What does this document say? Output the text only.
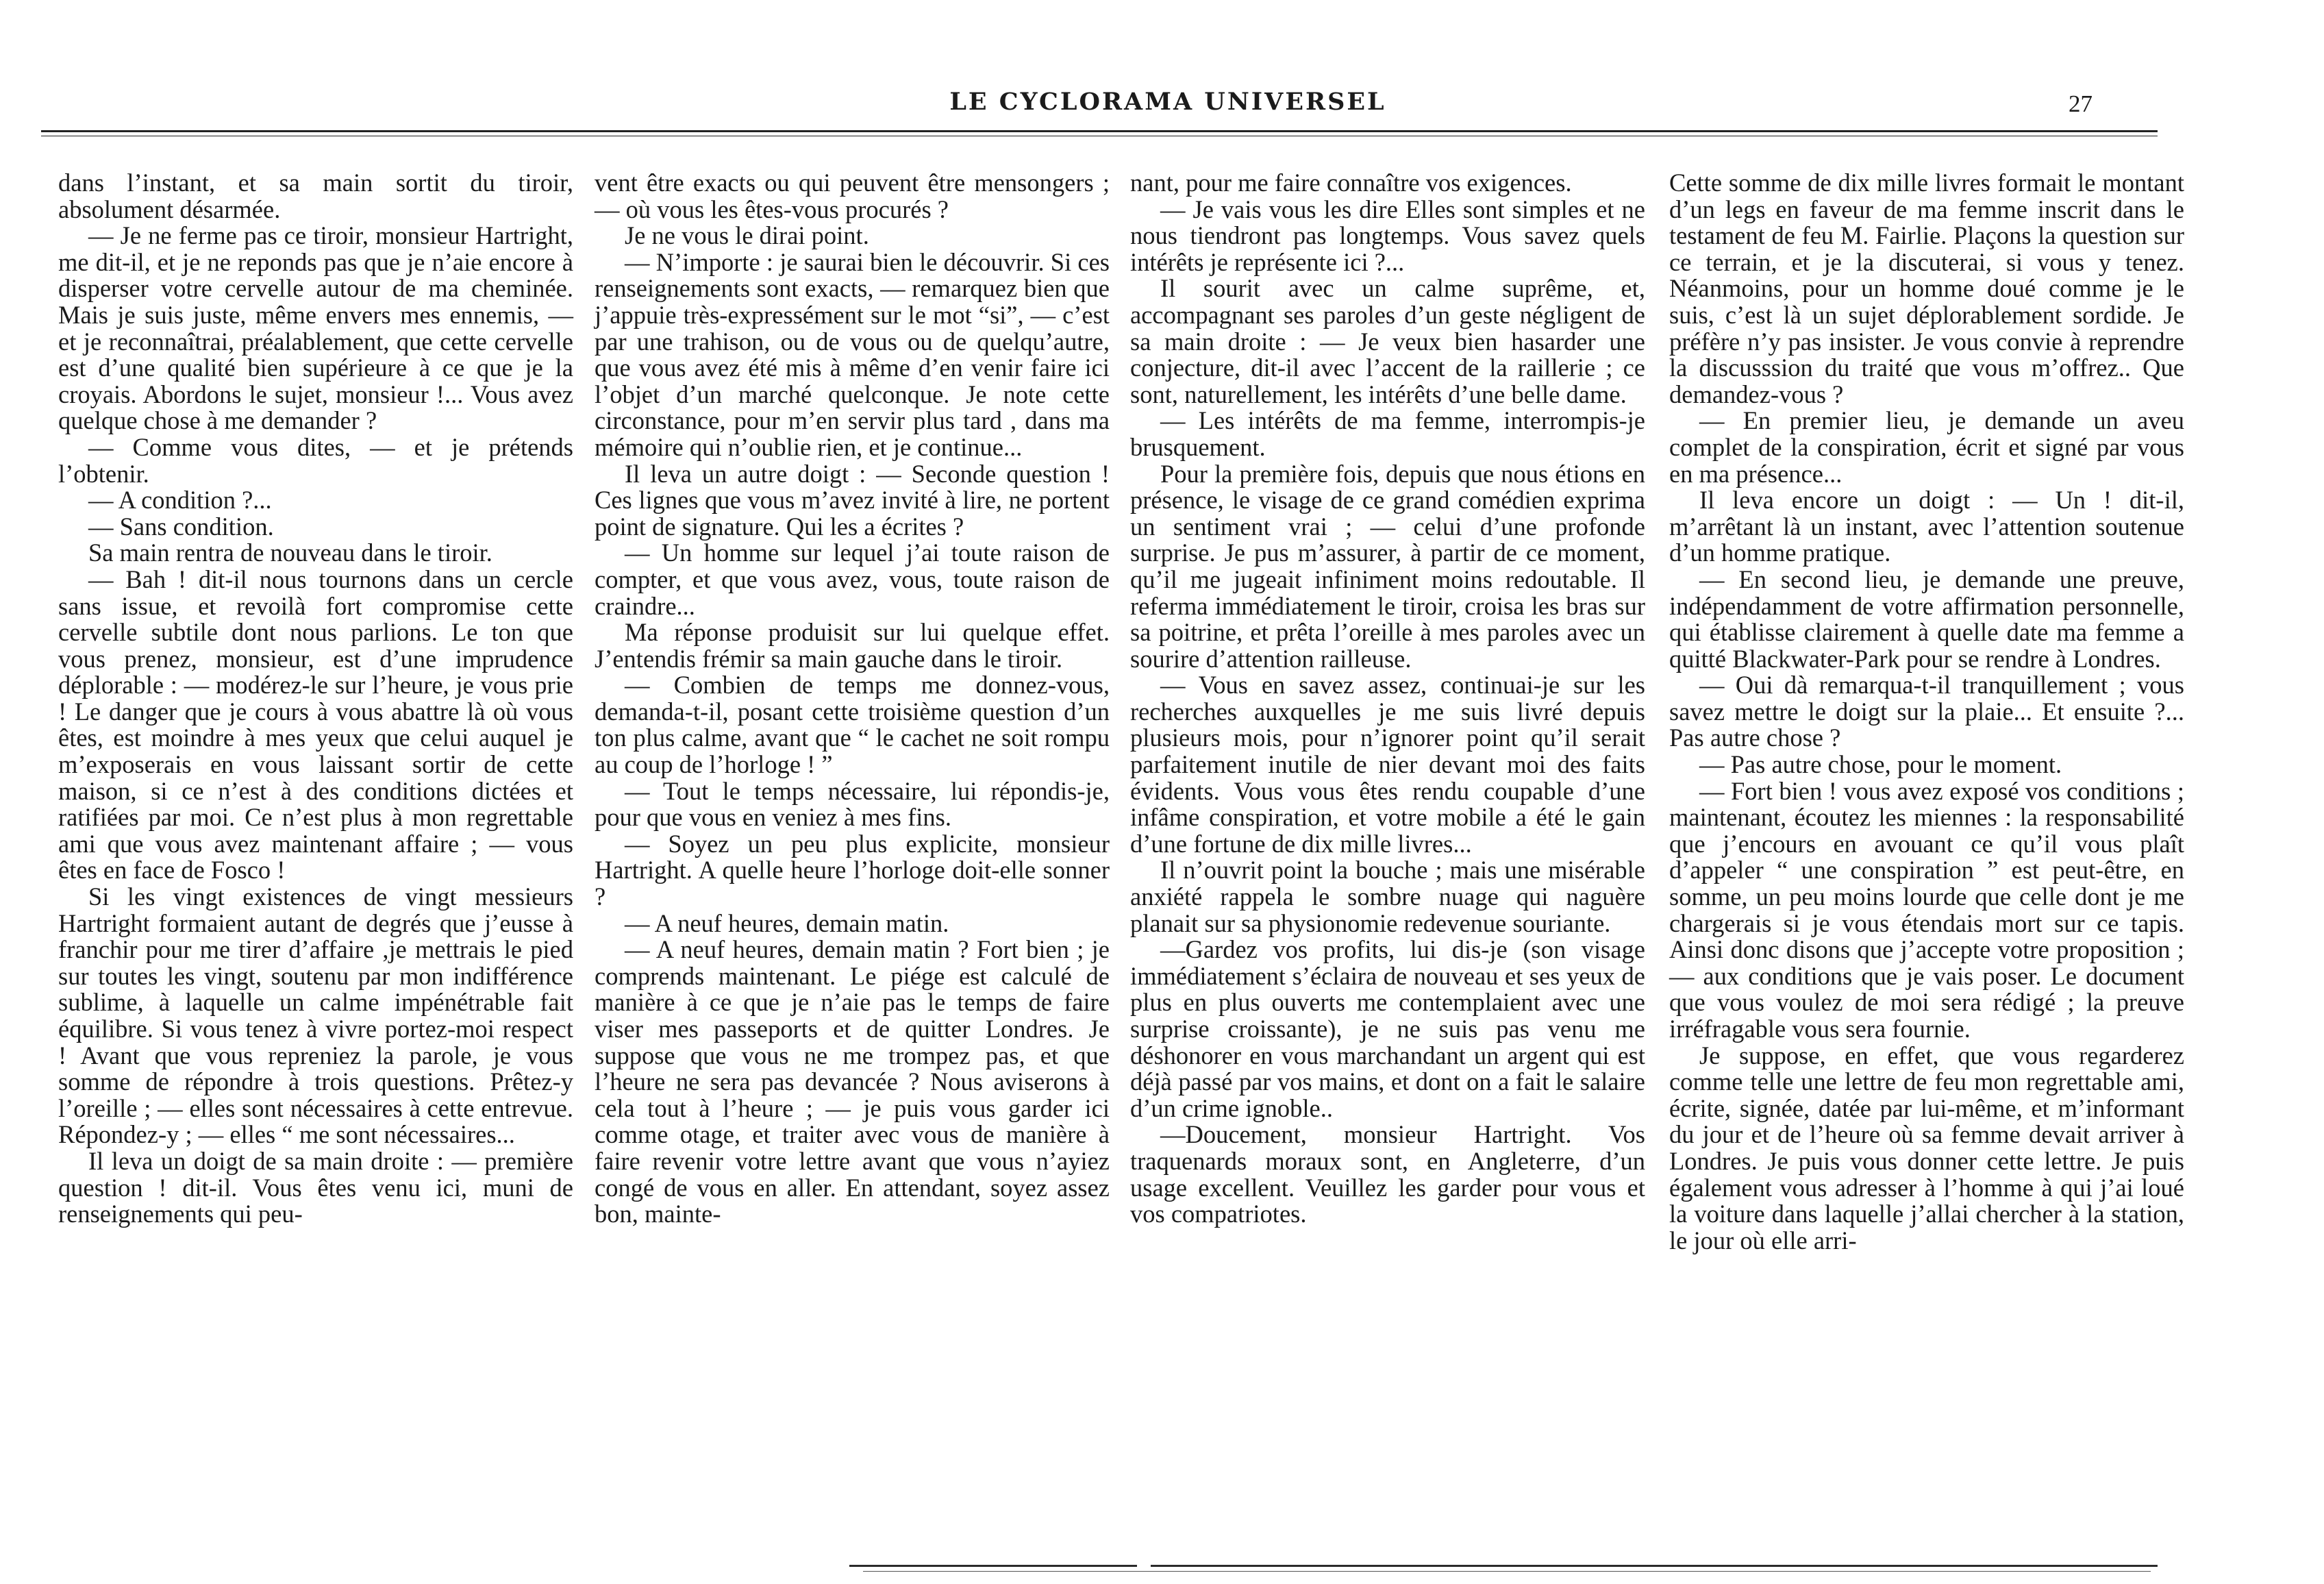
LE CYCLORAMA UNIVERSEL	27

dans l’instant, et sa main sortit du tiroir, absolument désarmée.

— Je ne ferme pas ce tiroir, monsieur Hartright, me dit-il, et je ne reponds pas que je n’aie encore à disperser votre cervelle autour de ma cheminée. Mais je suis juste, même envers mes ennemis, — et je reconnaîtrai, préalablement, que cette cervelle est d’une qualité bien supérieure à ce que je la croyais. Abordons le sujet, monsieur !... Vous avez quelque chose à me demander ?

— Comme vous dites, — et je prétends l’obtenir.

— A condition ?...

— Sans condition.

Sa main rentra de nouveau dans le tiroir.

— Bah ! dit-il nous tournons dans un cercle sans issue, et revoilà fort compromise cette cervelle subtile dont nous parlions. Le ton que vous prenez, monsieur, est d’une imprudence déplorable : — modérez-le sur l’heure, je vous prie ! Le danger que je cours à vous abattre là où vous êtes, est moindre à mes yeux que celui auquel je m’exposerais en vous laissant sortir de cette maison, si ce n’est à des conditions dictées et ratifiées par moi. Ce n’est plus à mon regrettable ami que vous avez maintenant affaire ; — vous êtes en face de Fosco !

Si les vingt existences de vingt messieurs Hartright formaient autant de degrés que j’eusse à franchir pour me tirer d’affaire ,je mettrais le pied sur toutes les vingt, soutenu par mon indifférence sublime, à laquelle un calme impénétrable fait équilibre. Si vous tenez à vivre portez-moi respect ! Avant que vous repreniez la parole, je vous somme de répondre à trois questions. Prêtez-y l’oreille ; — elles sont nécessaires à cette entrevue. Répondez-y ; — elles “ me sont nécessaires...

Il leva un doigt de sa main droite : — première question ! dit-il. Vous êtes venu ici, muni de renseignements qui peu-

vent être exacts ou qui peuvent être mensongers ; — où vous les êtes-vous procurés ?

Je ne vous le dirai point.

— N’importe : je saurai bien le découvrir. Si ces renseignements sont exacts, — remarquez bien que j’appuie très-expressément sur le mot “si”, — c’est par une trahison, ou de vous ou de quelqu’autre, que vous avez été mis à même d’en venir faire ici l’objet d’un marché quelconque. Je note cette circonstance, pour m’en servir plus tard , dans ma mémoire qui n’oublie rien, et je continue...

Il leva un autre doigt : — Seconde question ! Ces lignes que vous m’avez invité à lire, ne portent point de signature. Qui les a écrites ?

— Un homme sur lequel j’ai toute raison de compter, et que vous avez, vous, toute raison de craindre...

Ma réponse produisit sur lui quelque effet. J’entendis frémir sa main gauche dans le tiroir.

— Combien de temps me donnez-vous, demanda-t-il, posant cette troisième question d’un ton plus calme, avant que “ le cachet ne soit rompu au coup de l’horloge ! ”

— Tout le temps nécessaire, lui répondis-je, pour que vous en veniez à mes fins.

— Soyez un peu plus explicite, monsieur Hartright. A quelle heure l’horloge doit-elle sonner ?

— A neuf heures, demain matin.

— A neuf heures, demain matin ? Fort bien ; je comprends maintenant. Le piége est calculé de manière à ce que je n’aie pas le temps de faire viser mes passeports et de quitter Londres. Je suppose que vous ne me trompez pas, et que l’heure ne sera pas devancée ? Nous aviserons à cela tout à l’heure ; — je puis vous garder ici comme otage, et traiter avec vous de manière à faire revenir votre lettre avant que vous n’ayiez congé de vous en aller. En attendant, soyez assez bon, mainte-

nant, pour me faire connaître vos exigences.

— Je vais vous les dire Elles sont simples et ne nous tiendront pas longtemps. Vous savez quels intérêts je représente ici ?...

Il sourit avec un calme suprême, et, accompagnant ses paroles d’un geste négligent de sa main droite : — Je veux bien hasarder une conjecture, dit-il avec l’accent de la raillerie ; ce sont, naturellement, les intérêts d’une belle dame.

— Les intérêts de ma femme, interrompis-je brusquement.

Pour la première fois, depuis que nous étions en présence, le visage de ce grand comédien exprima un sentiment vrai ; — celui d’une profonde surprise. Je pus m’assurer, à partir de ce moment, qu’il me jugeait infiniment moins redoutable. Il referma immédiatement le tiroir, croisa les bras sur sa poitrine, et prêta l’oreille à mes paroles avec un sourire d’attention railleuse.

— Vous en savez assez, continuai-je sur les recherches auxquelles je me suis livré depuis plusieurs mois, pour n’ignorer point qu’il serait parfaitement inutile de nier devant moi des faits évidents. Vous vous êtes rendu coupable d’une infâme conspiration, et votre mobile a été le gain d’une fortune de dix mille livres...

Il n’ouvrit point la bouche ; mais une misérable anxiété rappela le sombre nuage qui naguère planait sur sa physionomie redevenue souriante.

—Gardez vos profits, lui dis-je (son visage immédiatement s’éclaira de nouveau et ses yeux de plus en plus ouverts me contemplaient avec une surprise croissante), je ne suis pas venu me déshonorer en vous marchandant un argent qui est déjà passé par vos mains, et dont on a fait le salaire d’un crime ignoble..

—Doucement, monsieur Hartright. Vos traquenards moraux sont, en Angleterre, d’un usage excellent. Veuillez les garder pour vous et vos compatriotes.

Cette somme de dix mille livres formait le montant d’un legs en faveur de ma femme inscrit dans le testament de feu M. Fairlie. Plaçons la question sur ce terrain, et je la discuterai, si vous y tenez. Néanmoins, pour un homme doué comme je le suis, c’est là un sujet déplorablement sordide. Je préfère n’y pas insister. Je vous convie à reprendre la discusssion du traité que vous m’offrez.. Que demandez-vous ?

— En premier lieu, je demande un aveu complet de la conspiration, écrit et signé par vous en ma présence...

Il leva encore un doigt : — Un ! dit-il, m’arrêtant là un instant, avec l’attention soutenue d’un homme pratique.

— En second lieu, je demande une preuve, indépendamment de votre affirmation personnelle, qui établisse clairement à quelle date ma femme a quitté Blackwater-Park pour se rendre à Londres.

— Oui dà remarqua-t-il tranquillement ; vous savez mettre le doigt sur la plaie... Et ensuite ?... Pas autre chose ?

— Pas autre chose, pour le moment.

— Fort bien ! vous avez exposé vos conditions ; maintenant, écoutez les miennes : la responsabilité que j’encours en avouant ce qu’il vous plaît d’appeler “ une conspiration ” est peut-être, en somme, un peu moins lourde que celle dont je me chargerais si je vous étendais mort sur ce tapis. Ainsi donc disons que j’accepte votre proposition ; — aux conditions que je vais poser. Le document que vous voulez de moi sera rédigé ; la preuve irréfragable vous sera fournie.

Je suppose, en effet, que vous regarderez comme telle une lettre de feu mon regrettable ami, écrite, signée, datée par lui-même, et m’informant du jour et de l’heure où sa femme devait arriver à Londres. Je puis vous donner cette lettre. Je puis également vous adresser à l’homme à qui j’ai loué la voiture dans laquelle j’allai chercher à la station, le jour où elle arri-
